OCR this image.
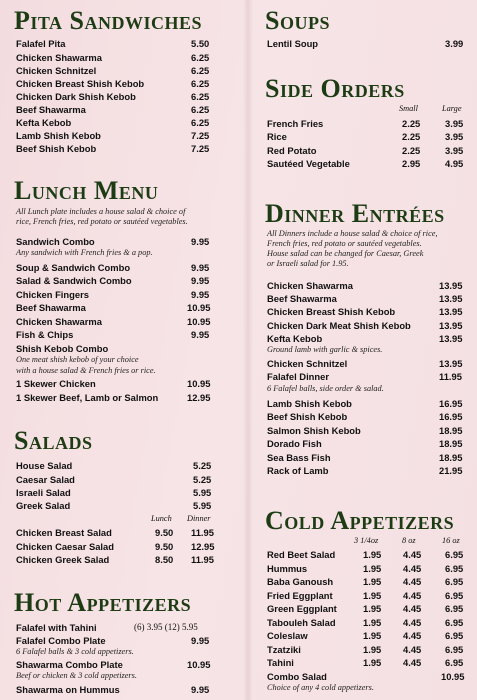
Pita Sandwiches
Falafel Pita	5.50
Chicken Shawarma	6.25
Chicken Schnitzel	6.25
Chicken Breast Shish Kebob	6.25
Chicken Dark Shish Kebob	6.25
Beef Shawarma	6.25
Kefta Kebob	6.25
Lamb Shish Kebob	7.25
Beef Shish Kebob	7.25
Lunch Menu
All Lunch plate includes a house salad & choice of
rice, French fries, red potato or sautéed vegetables.
Sandwich Combo	9.95
Any sandwich with French fries & a pop.
Soup & Sandwich Combo	9.95
Salad & Sandwich Combo	9.95
Chicken Fingers	9.95
Beef Shawarma	10.95
Chicken Shawarma	10.95
Fish & Chips	9.95
Shish Kebob Combo
One meat shish kebob of your choice
with a house salad & French fries or rice.
1 Skewer Chicken	10.95
1 Skewer Beef, Lamb or Salmon	12.95
Salads
House Salad	5.25
Caesar Salad	5.25
Israeli Salad	5.95
Greek Salad	5.95
Lunch Dinner
Chicken Breast Salad	9.50 11.95
Chicken Caesar Salad	9.50 12.95
Chicken Greek Salad	8.50 11.95
Hot Appetizers
Falafel with Tahini	(6) 3.95 (12) 5.95
Falafel Combo Plate	9.95
6 Falafel balls & 3 cold appetizers.
Shawarma Combo Plate	10.95
Beef or chicken & 3 cold appetizers.
Shawarma on Hummus	9.95
Soups
Lentil Soup	3.99
Side Orders
Small	Large
French Fries	2.25	3.95
Rice	2.25	3.95
Red Potato	2.25	3.95
Sautéed Vegetable	2.95	4.95
Dinner Entrées
All Dinners include a house salad & choice of rice,
French fries, red potato or sautéed vegetables.
House salad can be changed for Caesar, Greek
or Israeli salad for 1.95.
Chicken Shawarma	13.95
Beef Shawarma	13.95
Chicken Breast Shish Kebob	13.95
Chicken Dark Meat Shish Kebob	13.95
Kefta Kebob	13.95
Ground lamb with garlic & spices.
Chicken Schnitzel	13.95
Falafel Dinner	11.95
6 Falafel balls, side order & salad.
Lamb Shish Kebob	16.95
Beef Shish Kebob	16.95
Salmon Shish Kebob	18.95
Dorado Fish	18.95
Sea Bass Fish	18.95
Rack of Lamb	21.95
Cold Appetizers
3 1/4oz	8 oz	16 oz
Red Beet Salad	1.95 4.45	6.95
Hummus	1.95 4.45	6.95
Baba Ganoush	1.95 4.45	6.95
Fried Eggplant	1.95 4.45	6.95
Green Eggplant	1.95 4.45	6.95
Tabouleh Salad	1.95 4.45	6.95
Coleslaw	1.95 4.45	6.95
Tzatziki	1.95 4.45	6.95
Tahini	1.95 4.45	6.95
Combo Salad	10.95
Choice of any 4 cold appetizers.
